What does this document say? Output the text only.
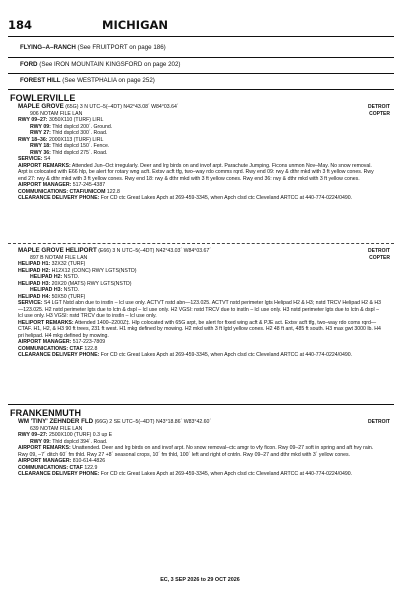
184	MICHIGAN
FLYING–A–RANCH (See FRUITPORT on page 186)
FORD (See IRON MOUNTAIN KINGSFORD on page 202)
FOREST HILL (See WESTPHALIA on page 252)
FOWLERVILLE
MAPLE GROVE (65G) 3 N UTC–5(–4DT) N42°43.08´ W84°03.64´
906 NOTAM FILE LAN
RWY 09–27: 3050X110 (TURF) LIRL
RWY 09: Thld dsplcd 200´. Ground.
RWY 27: Thld dsplcd 300´. Road.
RWY 18–36: 2000X113 (TURF) LIRL
RWY 18: Thld dsplcd 150´. Fence.
RWY 36: Thld dsplcd 275´. Road.
SERVICE: S4
AIRPORT REMARKS: Attended Jun–Oct irregularly. Deer and lrg birds on and invof arpt. Parachute Jumping. Ficons unmon Nov–May. No snow removal. Arpt is colocated with E66 hlp, be alert for rotary wng acft. Extsv acft tfg, two–way rdo comms rqrd. Rwy end 09: rwy & dthr mkd with 3 ft yellow cones. Rwy end 27: rwy & dthr mkd with 3 ft yellow cones. Rwy end 18: rwy & dthr mkd with 3 ft yellow cones. Rwy end 36: rwy & dthr mkd with 3 ft yellow cones.
AIRPORT MANAGER: 517-245-4387
COMMUNICATIONS: CTAF/UNICOM 122.8
CLEARANCE DELIVERY PHONE: For CD ctc Great Lakes Apch at 269-459-3345, when Apch clsd ctc Cleveland ARTCC at 440-774-0224/0490.
DETROIT
COPTER
MAPLE GROVE HELIPORT (E66) 3 N UTC–5(–4DT) N42°43.03´ W84°03.67´
897 B NOTAM FILE LAN
HELIPAD H1: 32X32 (TURF)
HELIPAD H2: H12X12 (CONC) RWY LGTS(NSTD)
HELIPAD H2: NSTD.
HELIPAD H3: 20X20 (MATS) RWY LGTS(NSTD)
HELIPAD H3: NSTD.
HELIPAD H4: 50X50 (TURF)
SERVICE: S4 LGT Nstd abn due to instln – lcl use only. ACTVT nstd abn—123.025. ACTVT nstd perimeter lgts Helipad H2 & H3; nstd TRCV Helipad H2 & H3—123.025. H2 nstd perimeter lgts due to lctn & dspl – lcl use only. H2 VGSI: nstd TRCV due to instln – lcl use only. H3 nstd perimeter lgts due to lctn & dspl – lcl use only. H3 VGSI: nstd TRCV due to instln – lcl use only.
HELIPORT REMARKS: Attended 1400–2200Z‡. Hlp colocated with 65G arpt, be alert for fixed wing acft & PJE act. Extsv acft tfg, two–way rdo coms rqrd—CTAF. H1, H2, & H3 90 ft trees, 231 ft west. H1 mkg defined by mowing. H2 mkd with 3 ft lgtd yellow cones. H2 48 ft ant, 485 ft south. H3 max gwt 3000 lb. H4 pri helipad. H4 mkg defined by mowing.
AIRPORT MANAGER: 517-223-7809
COMMUNICATIONS: CTAF 122.8
CLEARANCE DELIVERY PHONE: For CD ctc Great Lakes Apch at 269-459-3345, when Apch clsd ctc Cleveland ARTCC at 440-774-0224/0490.
DETROIT
COPTER
FRANKENMUTH
WM 'TINY' ZEHNDER FLD (66G) 2 SE UTC–5(–4DT) N43°18.86´ W83°42.60´
639 NOTAM FILE LAN
RWY 09–27: 2500X100 (TURF) 0.3 up E
RWY 09: Thld dsplcd 394´. Road.
AIRPORT REMARKS: Unattended. Deer and lrg birds on and invof arpt. No snow removal–ctc amgr to vfy ficon. Rwy 09–27 soft in spring and aft hvy rain. Rwy 09, –7´ ditch 60´ fm thld. Rwy 27 +8´ seasonal crops, 10´ fm thld, 100´ left and right of cntrln. Rwy 09–27 and dthr mkd with 3´ yellow cones.
AIRPORT MANAGER: 810-614-4826
COMMUNICATIONS: CTAF 122.9
CLEARANCE DELIVERY PHONE: For CD ctc Great Lakes Apch at 269-459-3345, when Apch clsd ctc Cleveland ARTCC at 440-774-0224/0490.
DETROIT
EC, 3 SEP 2026 to 29 OCT 2026
